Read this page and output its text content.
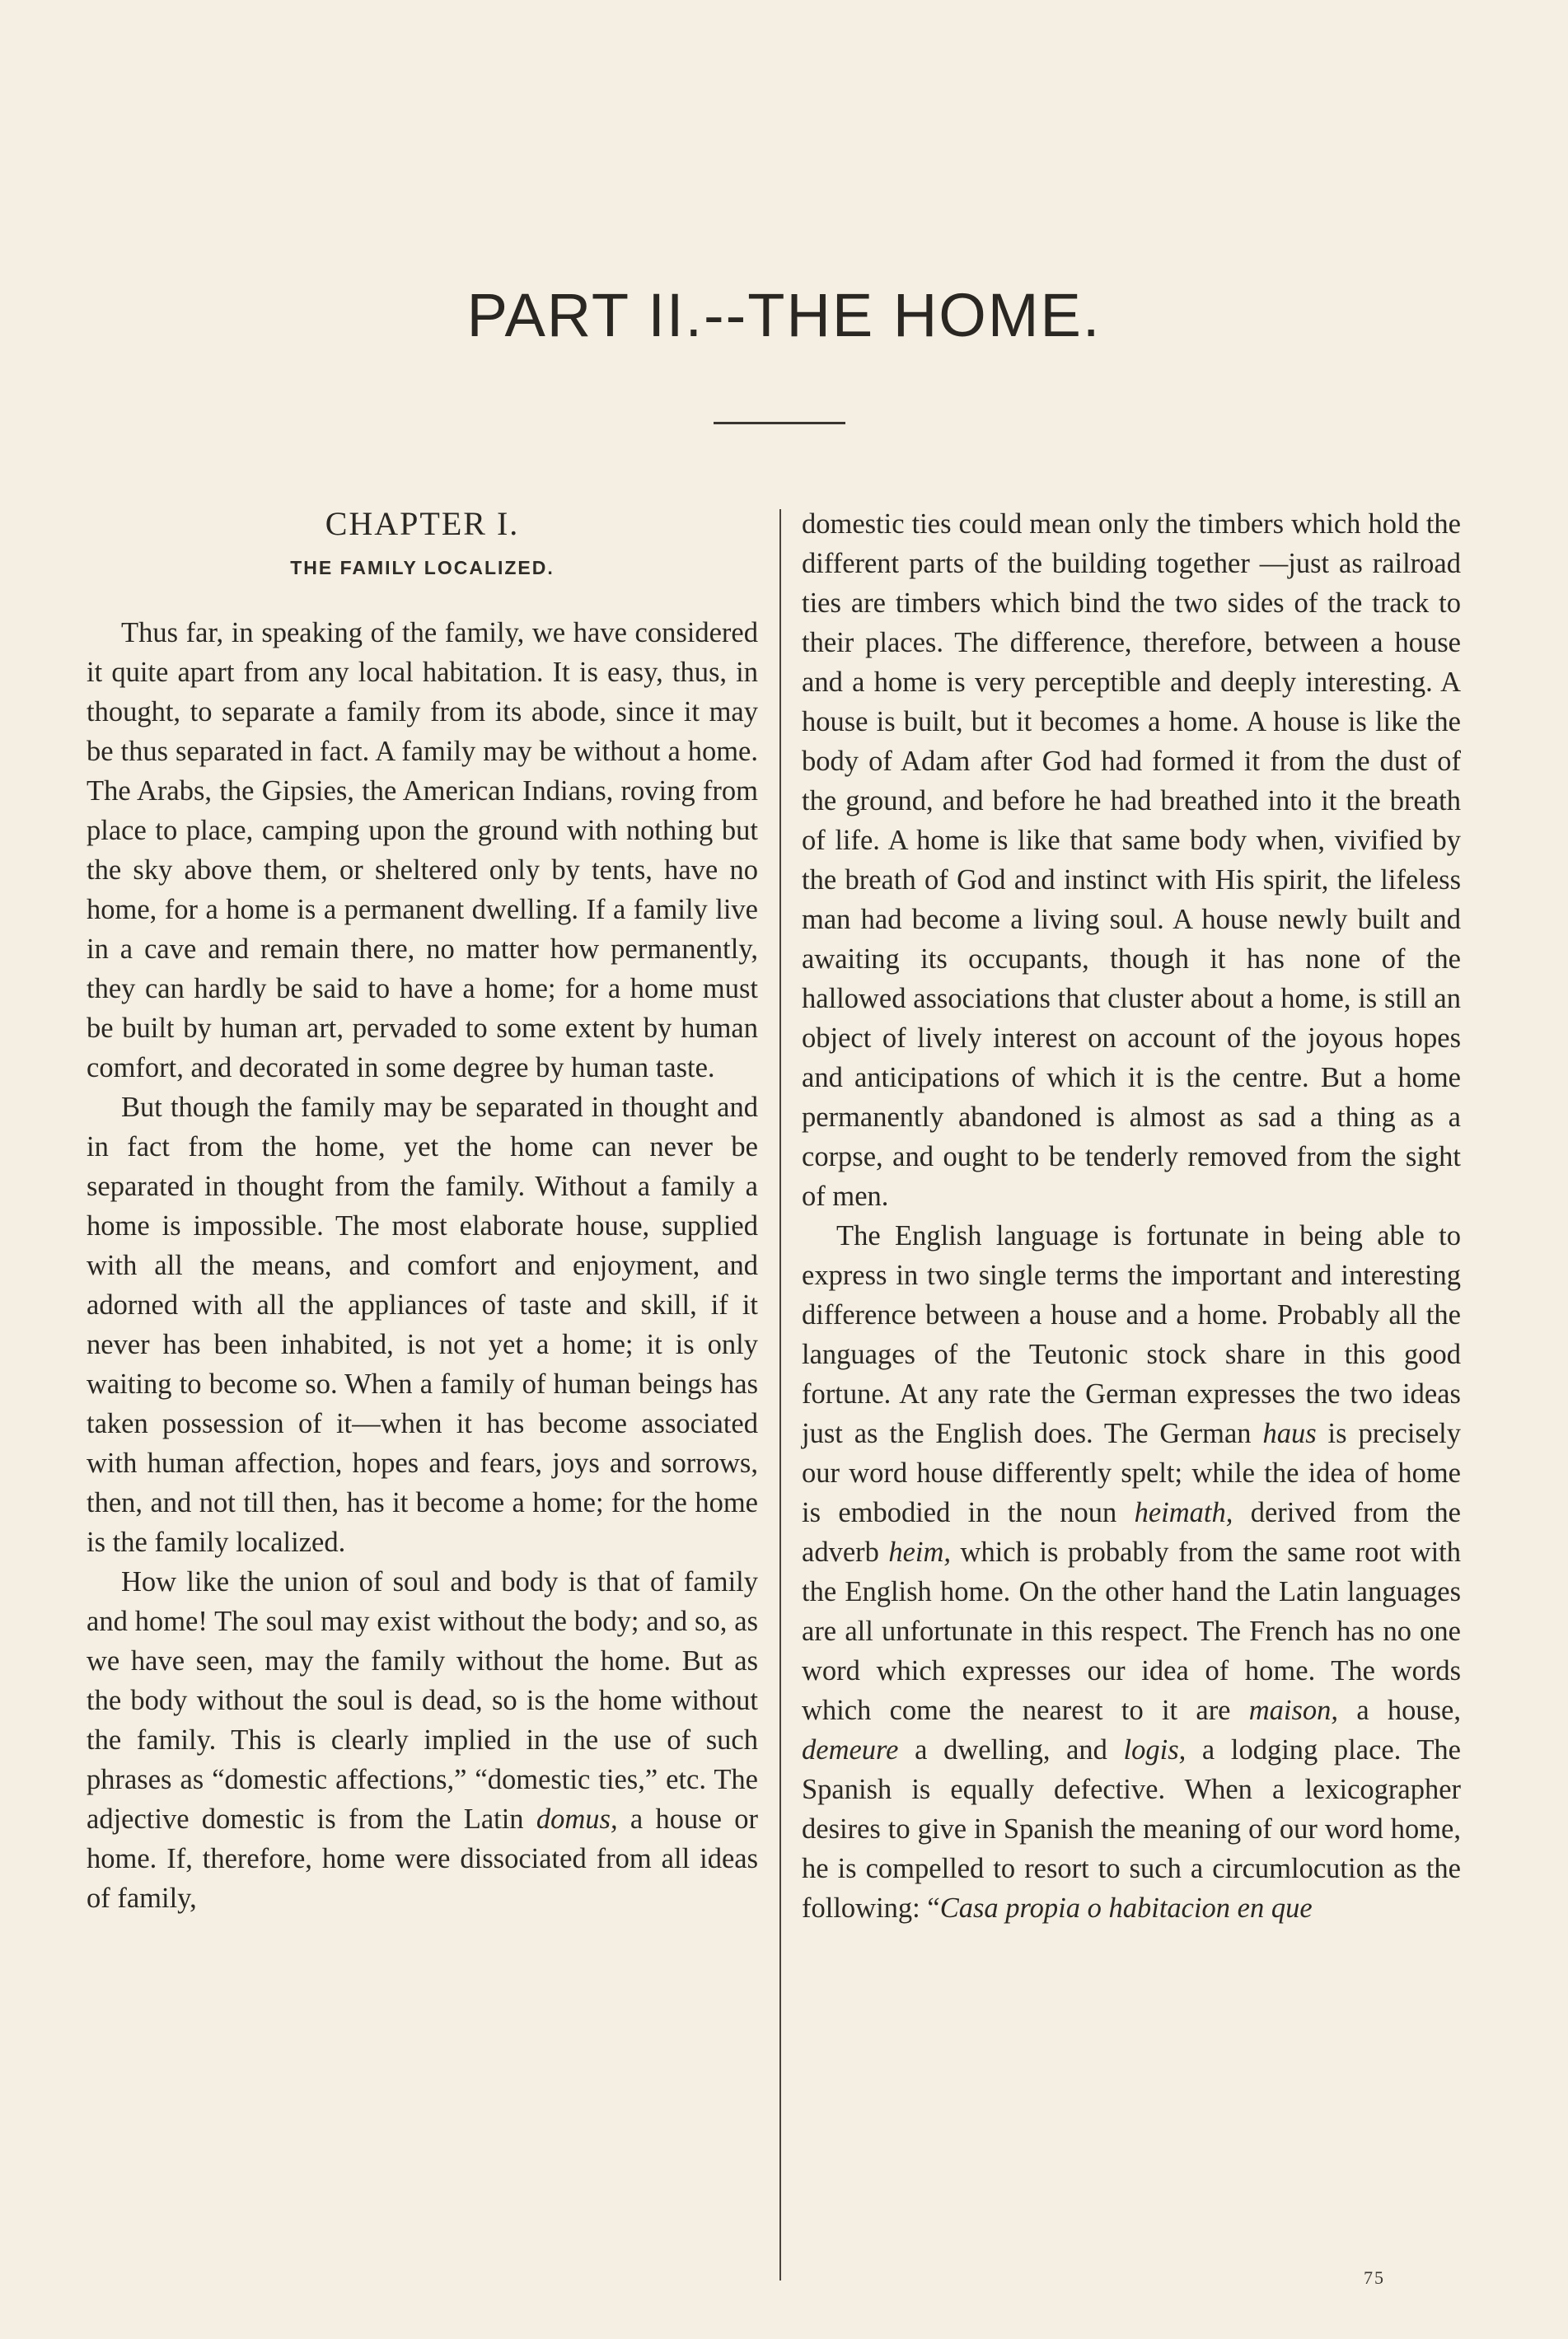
PART II.--THE HOME.
CHAPTER I.
THE FAMILY LOCALIZED.

Thus far, in speaking of the family, we have considered it quite apart from any local habitation. It is easy, thus, in thought, to separate a family from its abode, since it may be thus separated in fact. A family may be without a home. The Arabs, the Gipsies, the American Indians, roving from place to place, camping upon the ground with nothing but the sky above them, or sheltered only by tents, have no home, for a home is a permanent dwelling. If a family live in a cave and remain there, no matter how permanently, they can hardly be said to have a home; for a home must be built by human art, pervaded to some extent by human comfort, and decorated in some degree by human taste.

But though the family may be separated in thought and in fact from the home, yet the home can never be separated in thought from the family. Without a family a home is impossible. The most elaborate house, supplied with all the means, and comfort and enjoyment, and adorned with all the appliances of taste and skill, if it never has been inhabited, is not yet a home; it is only waiting to become so. When a family of human beings has taken possession of it—when it has become associated with human affection, hopes and fears, joys and sorrows, then, and not till then, has it become a home; for the home is the family localized.

How like the union of soul and body is that of family and home! The soul may exist without the body; and so, as we have seen, may the family without the home. But as the body without the soul is dead, so is the home without the family. This is clearly implied in the use of such phrases as “domestic affections,” “domestic ties,” etc. The adjective domestic is from the Latin domus, a house or home. If, therefore, home were dissociated from all ideas of family,

domestic ties could mean only the timbers which hold the different parts of the building together —just as railroad ties are timbers which bind the two sides of the track to their places. The difference, therefore, between a house and a home is very perceptible and deeply interesting. A house is built, but it becomes a home. A house is like the body of Adam after God had formed it from the dust of the ground, and before he had breathed into it the breath of life. A home is like that same body when, vivified by the breath of God and instinct with His spirit, the lifeless man had become a living soul. A house newly built and awaiting its occupants, though it has none of the hallowed associations that cluster about a home, is still an object of lively interest on account of the joyous hopes and anticipations of which it is the centre. But a home permanently abandoned is almost as sad a thing as a corpse, and ought to be tenderly removed from the sight of men.

The English language is fortunate in being able to express in two single terms the important and interesting difference between a house and a home. Probably all the languages of the Teutonic stock share in this good fortune. At any rate the German expresses the two ideas just as the English does. The German haus is precisely our word house differently spelt; while the idea of home is embodied in the noun heimath, derived from the adverb heim, which is probably from the same root with the English home. On the other hand the Latin languages are all unfortunate in this respect. The French has no one word which expresses our idea of home. The words which come the nearest to it are maison, a house, demeure a dwelling, and logis, a lodging place. The Spanish is equally defective. When a lexicographer desires to give in Spanish the meaning of our word home, he is compelled to resort to such a circumlocution as the following: “Casa propia o habitacion en que

75
